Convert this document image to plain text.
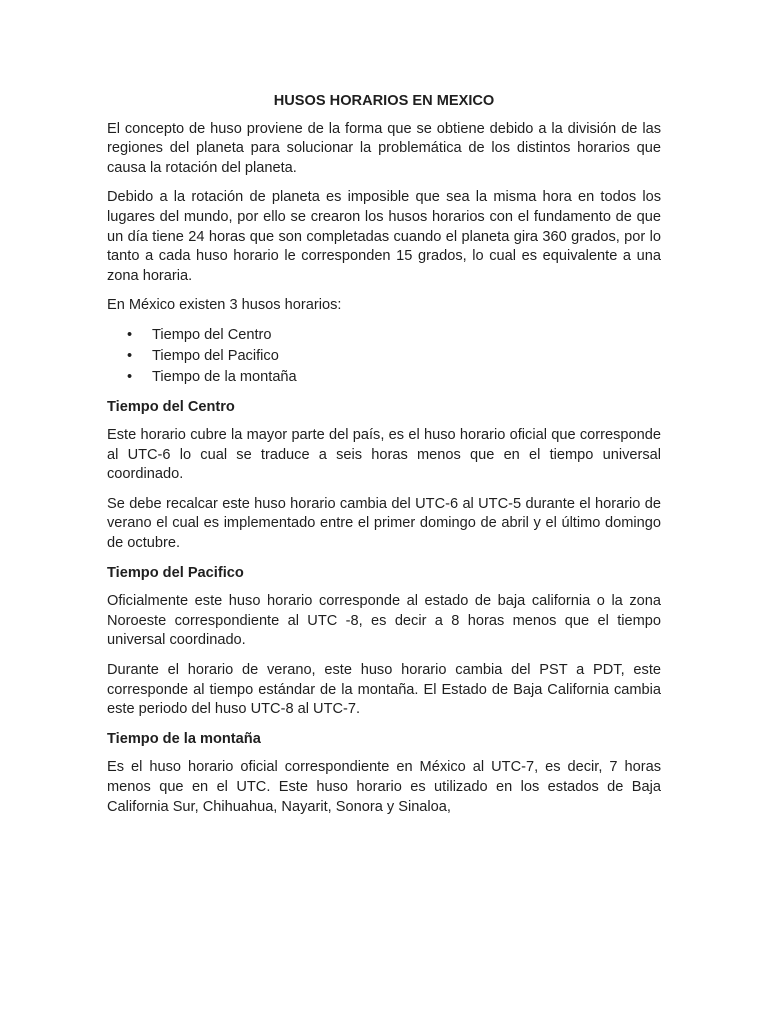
HUSOS HORARIOS EN MEXICO

El concepto de huso proviene de la forma que se obtiene debido a la división de las regiones del planeta para solucionar la problemática de los distintos horarios que causa la rotación del planeta.

Debido a la rotación de planeta es imposible que sea la misma hora en todos los lugares del mundo, por ello se crearon los husos horarios con el fundamento de que un día tiene 24 horas que son completadas cuando el planeta gira 360 grados, por lo tanto a cada huso horario le corresponden 15 grados, lo cual es equivalente a una zona horaria.

En México existen 3 husos horarios:

• Tiempo del Centro
• Tiempo del Pacifico
• Tiempo de la montaña
Tiempo del Centro

Este horario cubre la mayor parte del país, es el huso horario oficial que corresponde al UTC-6 lo cual se traduce a seis horas menos que en el tiempo universal coordinado.

Se debe recalcar este huso horario cambia del UTC-6 al UTC-5 durante el horario de verano el cual es implementado entre el primer domingo de abril y el último domingo de octubre.

Tiempo del Pacifico

Oficialmente este huso horario corresponde al estado de baja california o la zona Noroeste correspondiente al UTC -8, es decir a 8 horas menos que el tiempo universal coordinado.

Durante el horario de verano, este huso horario cambia del PST a PDT, este corresponde al tiempo estándar de la montaña. El Estado de Baja California cambia este periodo del huso UTC-8 al UTC-7.

Tiempo de la montaña

Es el huso horario oficial correspondiente en México al UTC-7, es decir, 7 horas menos que en el UTC. Este huso horario es utilizado en los estados de Baja California Sur, Chihuahua, Nayarit, Sonora y Sinaloa,
